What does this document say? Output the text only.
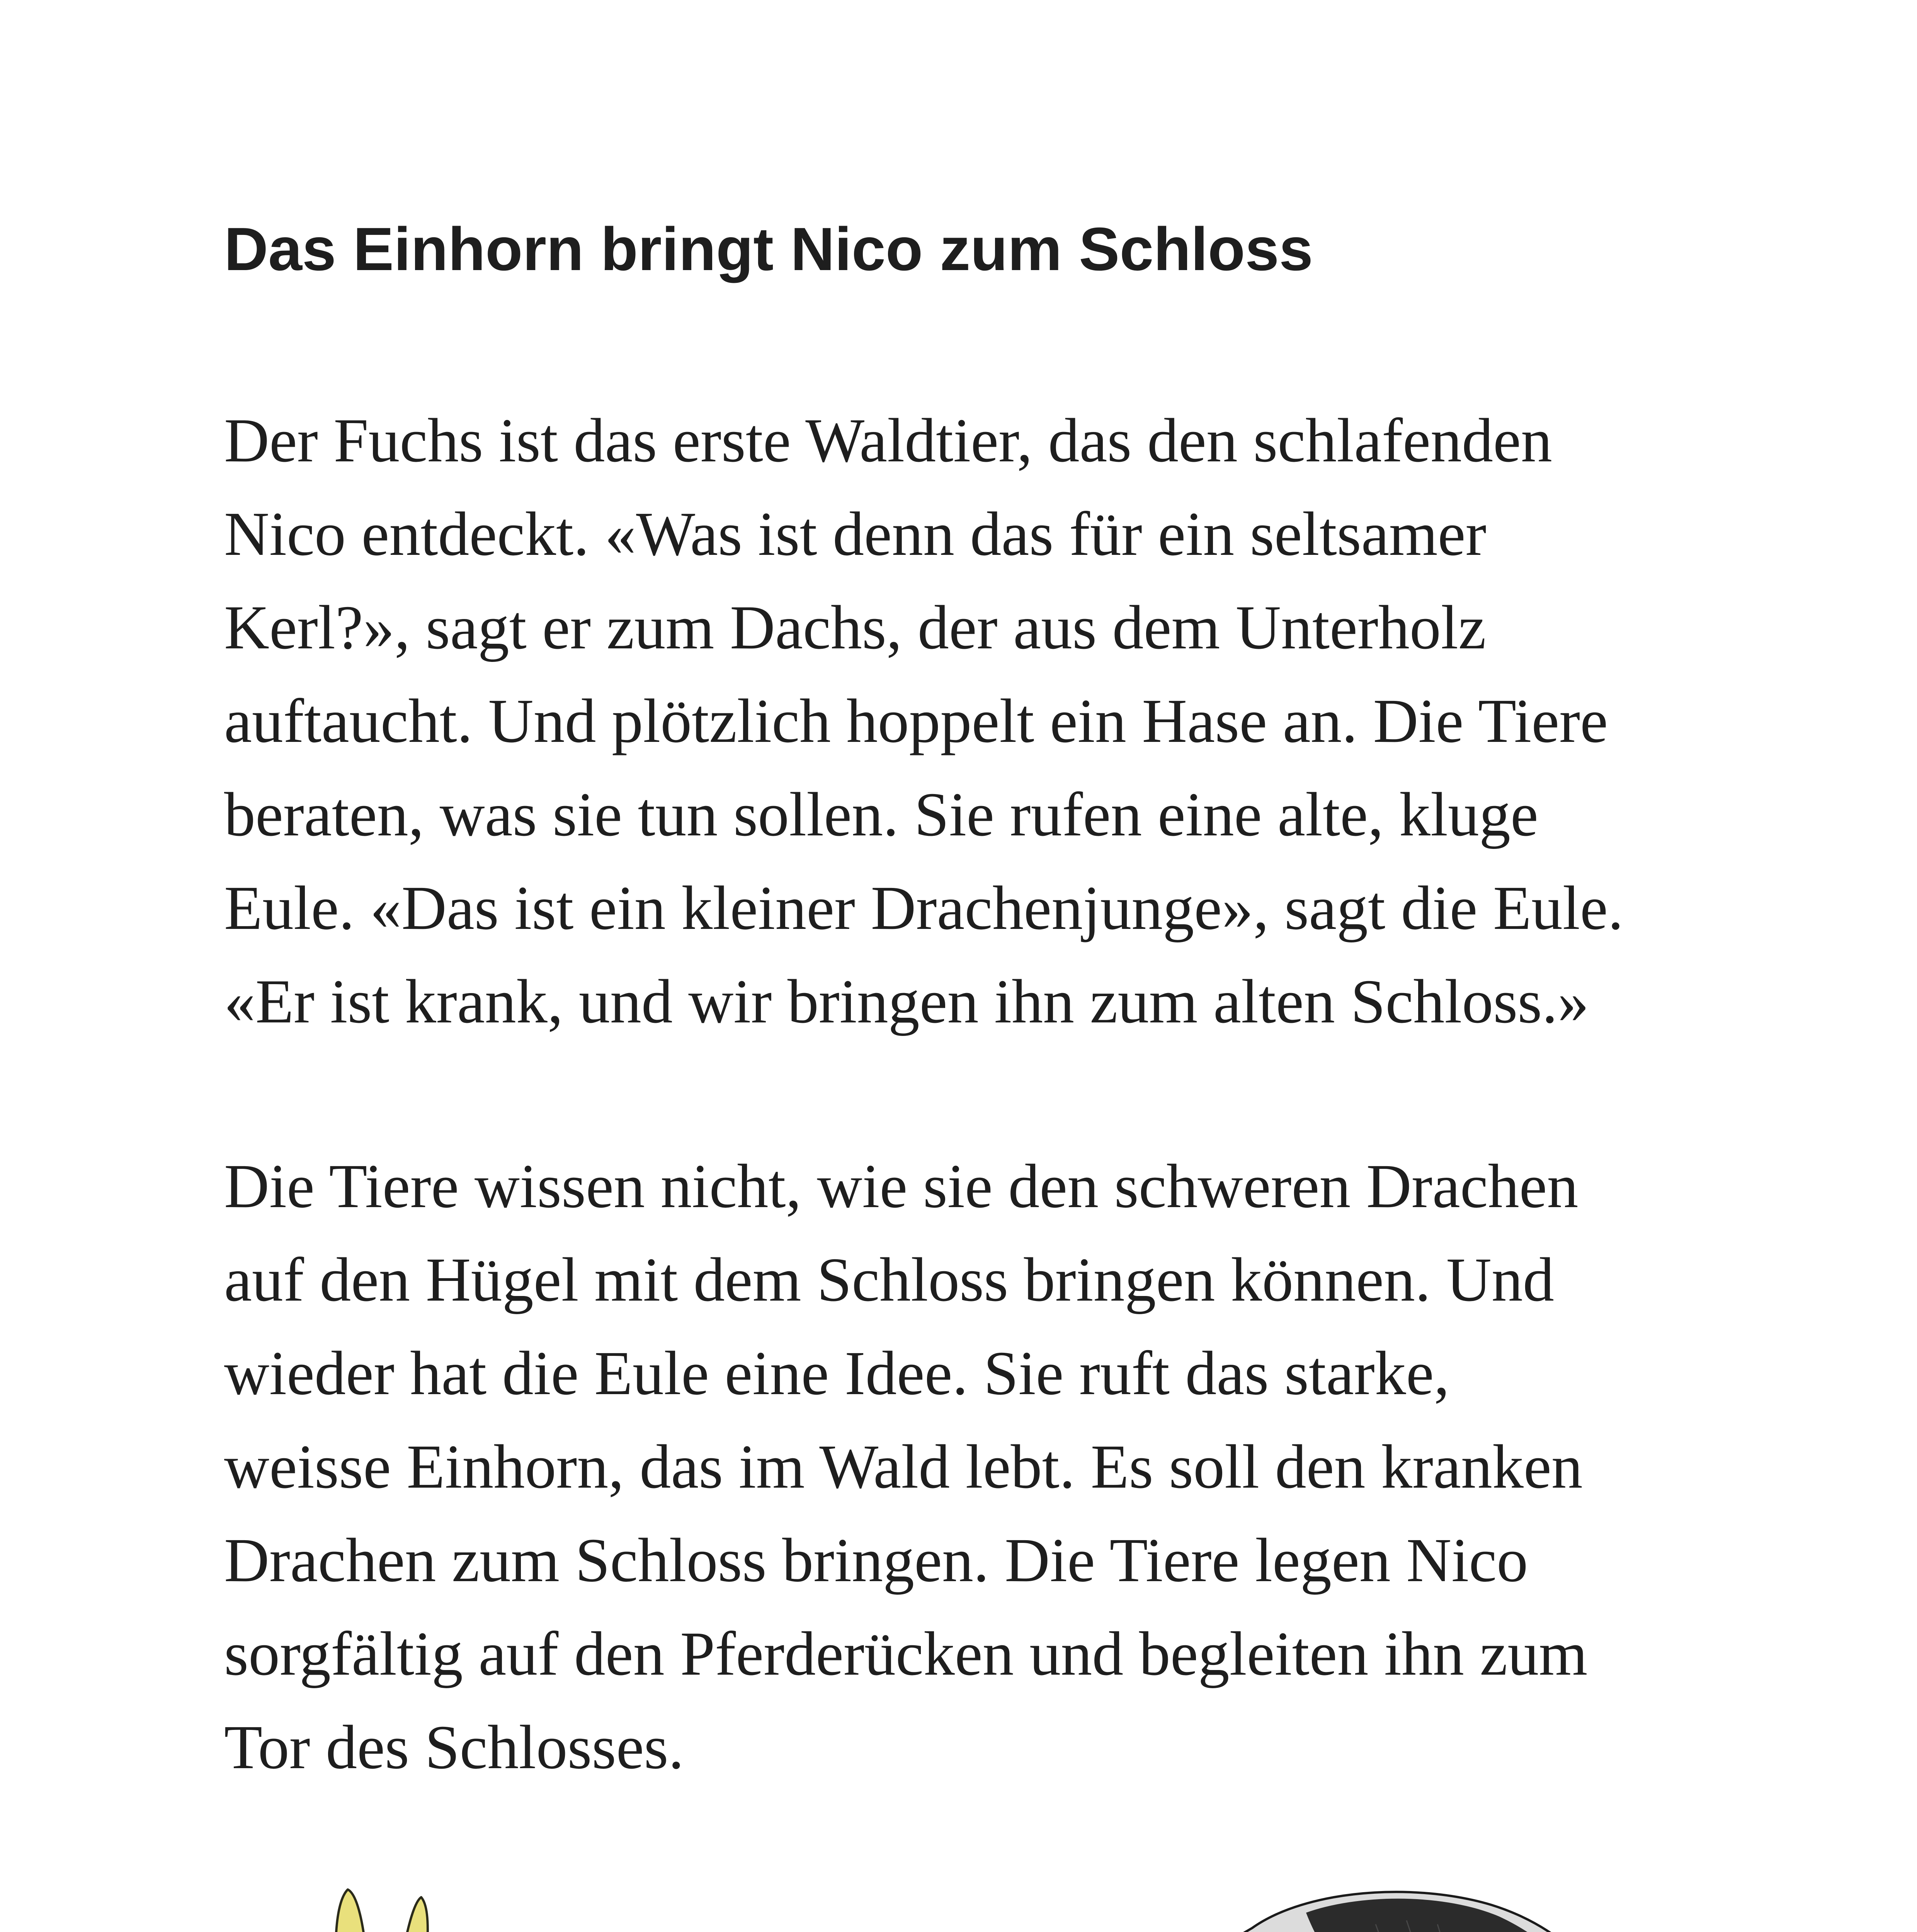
Das Einhorn bringt Nico zum Schloss
Der Fuchs ist das erste Waldtier, das den schlafenden
Nico entdeckt. «Was ist denn das für ein seltsamer
Kerl?», sagt er zum Dachs, der aus dem Unterholz
auftaucht. Und plötzlich hoppelt ein Hase an. Die Tiere
beraten, was sie tun sollen. Sie rufen eine alte, kluge
Eule. «Das ist ein kleiner Drachenjunge», sagt die Eule.
«Er ist krank, und wir bringen ihn zum alten Schloss.»
Die Tiere wissen nicht, wie sie den schweren Drachen
auf den Hügel mit dem Schloss bringen können. Und
wieder hat die Eule eine Idee. Sie ruft das starke,
weisse Einhorn, das im Wald lebt. Es soll den kranken
Drachen zum Schloss bringen. Die Tiere legen Nico
sorgfältig auf den Pferderücken und begleiten ihn zum
Tor des Schlosses.
